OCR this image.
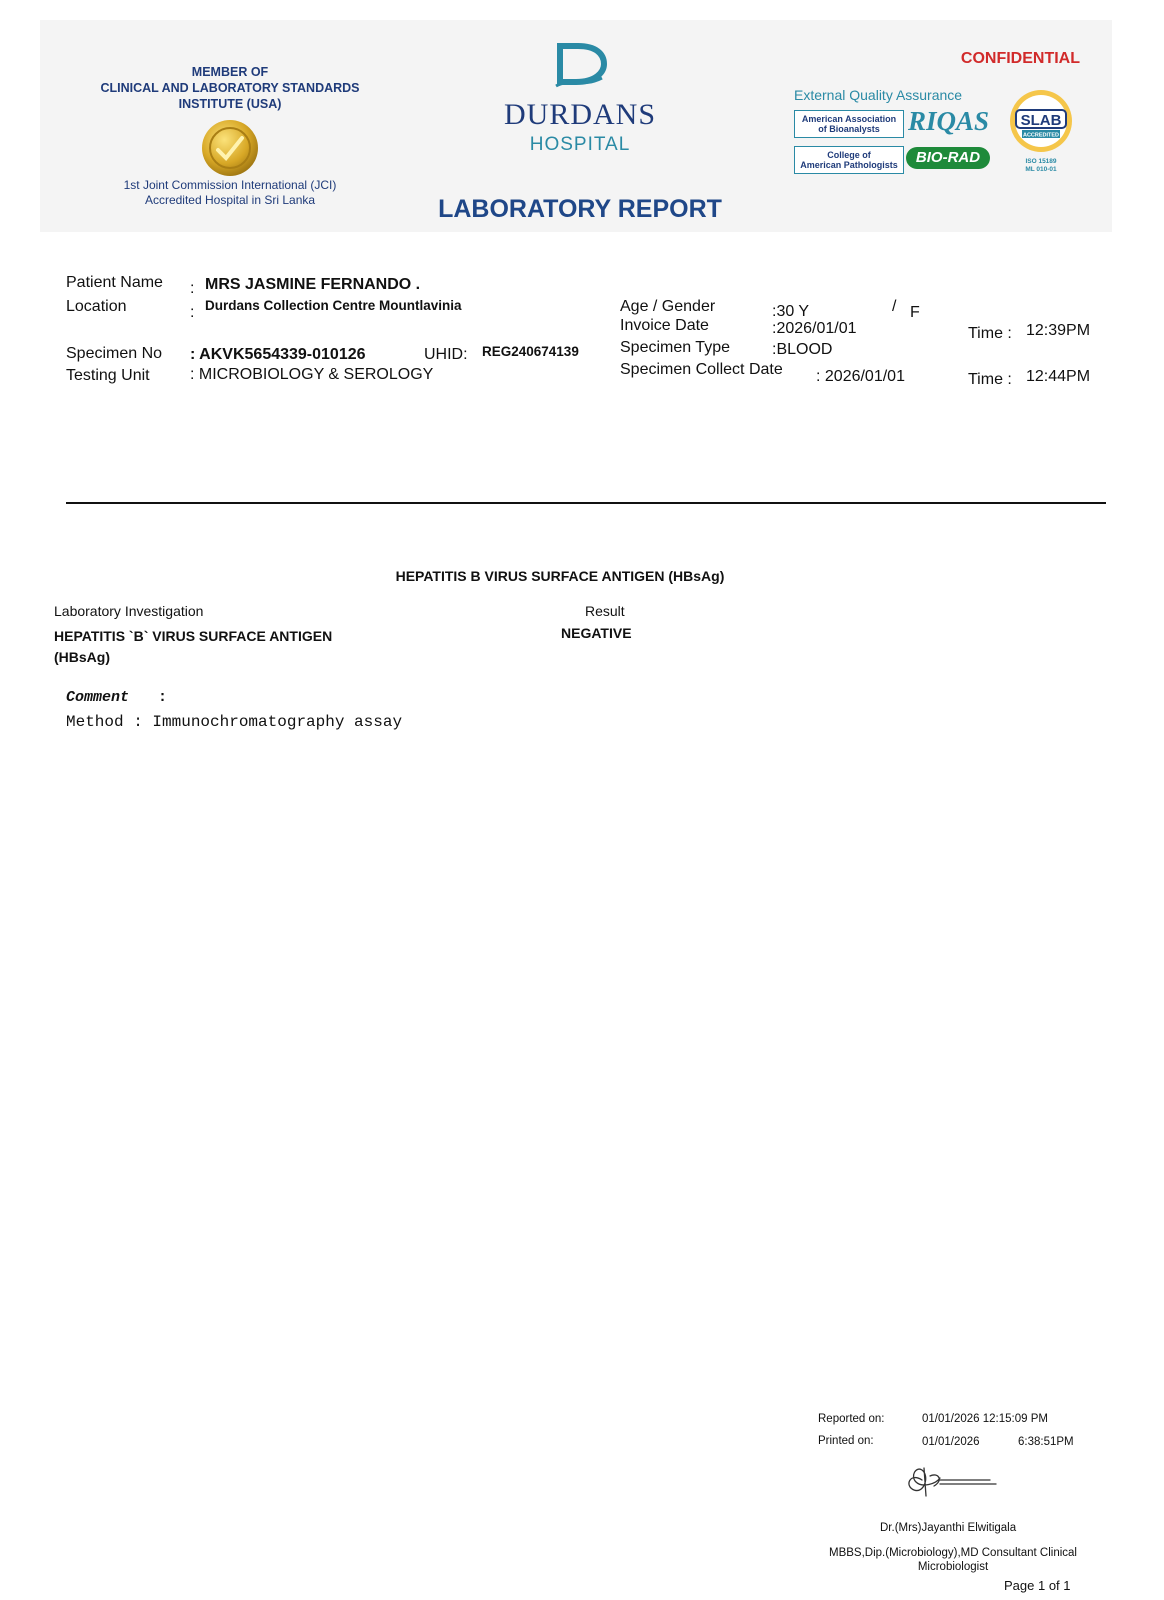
MEMBER OF
CLINICAL AND LABORATORY STANDARDS
INSTITUTE (USA)
1st Joint Commission International (JCI)
Accredited Hospital in Sri Lanka
DURDANS
HOSPITAL
LABORATORY REPORT
CONFIDENTIAL
External Quality Assurance
American Association
of Bioanalysts
College of
American Pathologists
RIQAS
BIO-RAD
SLAB
ACCREDITED
ISO 15189
ML 010-01
Patient Name : MRS JASMINE FERNANDO .
Location	: Durdans Collection Centre Mountlavinia
Specimen No : AKVK5654339-010126	UHID: REG240674139
Testing Unit	: MICROBIOLOGY & SEROLOGY
Age / Gender	:30 Y	/ F
Invoice Date	:2026/01/01	Time : 12:39PM
Specimen Type	:BLOOD
Specimen Collect Date : 2026/01/01	Time : 12:44PM
HEPATITIS B VIRUS SURFACE ANTIGEN (HBsAg)
Laboratory Investigation	Result
HEPATITIS `B` VIRUS SURFACE ANTIGEN
(HBsAg)
NEGATIVE
Comment :
Method : Immunochromatography assay
Reported on:	01/01/2026 12:15:09 PM
Printed on:	01/01/2026	6:38:51PM
Dr.(Mrs)Jayanthi Elwitigala
MBBS,Dip.(Microbiology),MD Consultant Clinical
Microbiologist
Page 1 of 1
